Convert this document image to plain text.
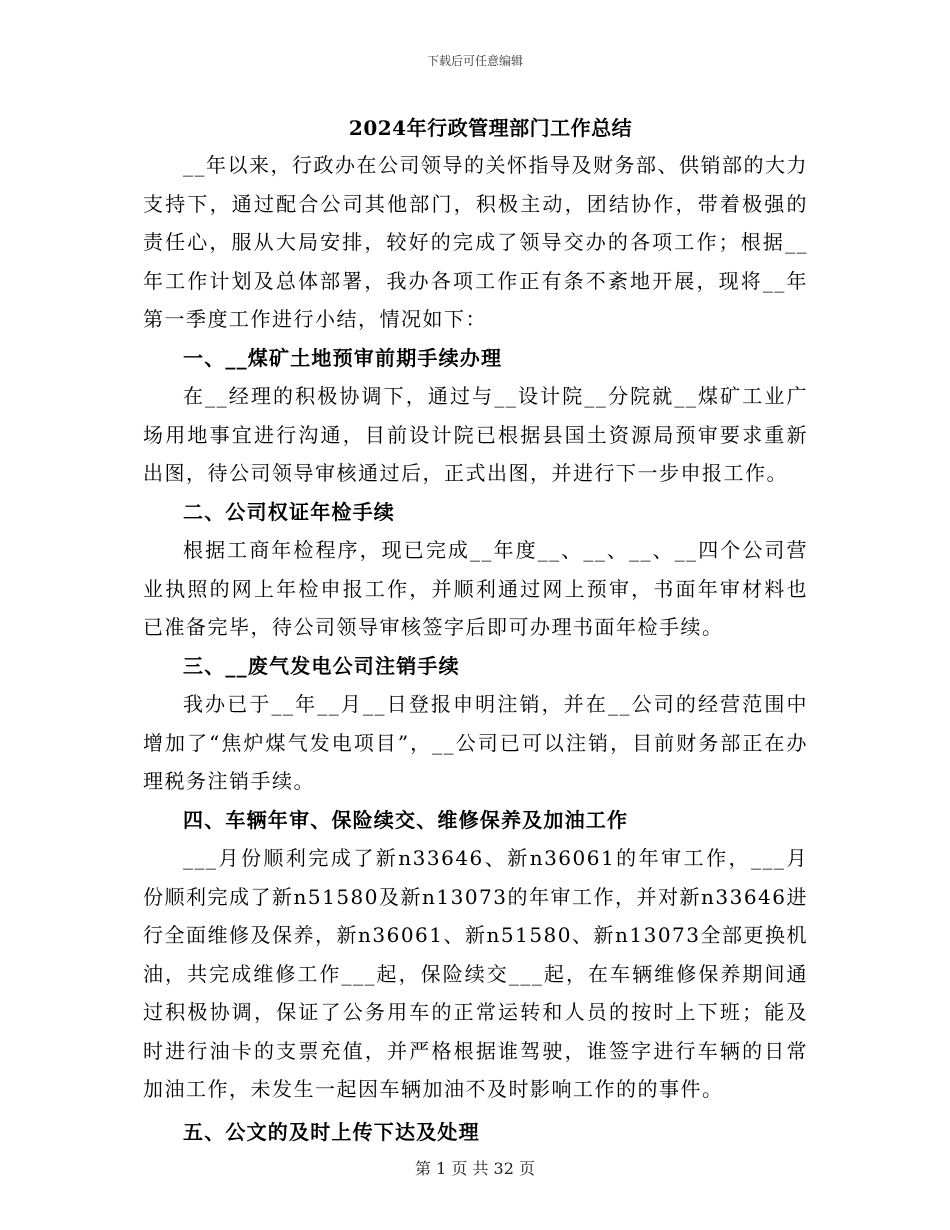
下载后可任意编辑

2024年行政管理部门工作总结

__年以来，行政办在公司领导的关怀指导及财务部、供销部的大力支持下，通过配合公司其他部门，积极主动，团结协作，带着极强的责任心，服从大局安排，较好的完成了领导交办的各项工作；根据__年工作计划及总体部署，我办各项工作正有条不紊地开展，现将__年第一季度工作进行小结，情况如下：

一、__煤矿土地预审前期手续办理

在__经理的积极协调下，通过与__设计院__分院就__煤矿工业广场用地事宜进行沟通，目前设计院已根据县国土资源局预审要求重新出图，待公司领导审核通过后，正式出图，并进行下一步申报工作。

二、公司权证年检手续

根据工商年检程序，现已完成__年度__、__、__、__四个公司营业执照的网上年检申报工作，并顺利通过网上预审，书面年审材料也已准备完毕，待公司领导审核签字后即可办理书面年检手续。

三、__废气发电公司注销手续

我办已于__年__月__日登报申明注销，并在__公司的经营范围中增加了“焦炉煤气发电项目”，__公司已可以注销，目前财务部正在办理税务注销手续。

四、车辆年审、保险续交、维修保养及加油工作

___月份顺利完成了新n33646、新n36061的年审工作，___月份顺利完成了新n51580及新n13073的年审工作，并对新n33646进行全面维修及保养，新n36061、新n51580、新n13073全部更换机油，共完成维修工作___起，保险续交___起，在车辆维修保养期间通过积极协调，保证了公务用车的正常运转和人员的按时上下班；能及时进行油卡的支票充值，并严格根据谁驾驶，谁签字进行车辆的日常加油工作，未发生一起因车辆加油不及时影响工作的的事件。

五、公文的及时上传下达及处理

第 1 页 共 32 页
